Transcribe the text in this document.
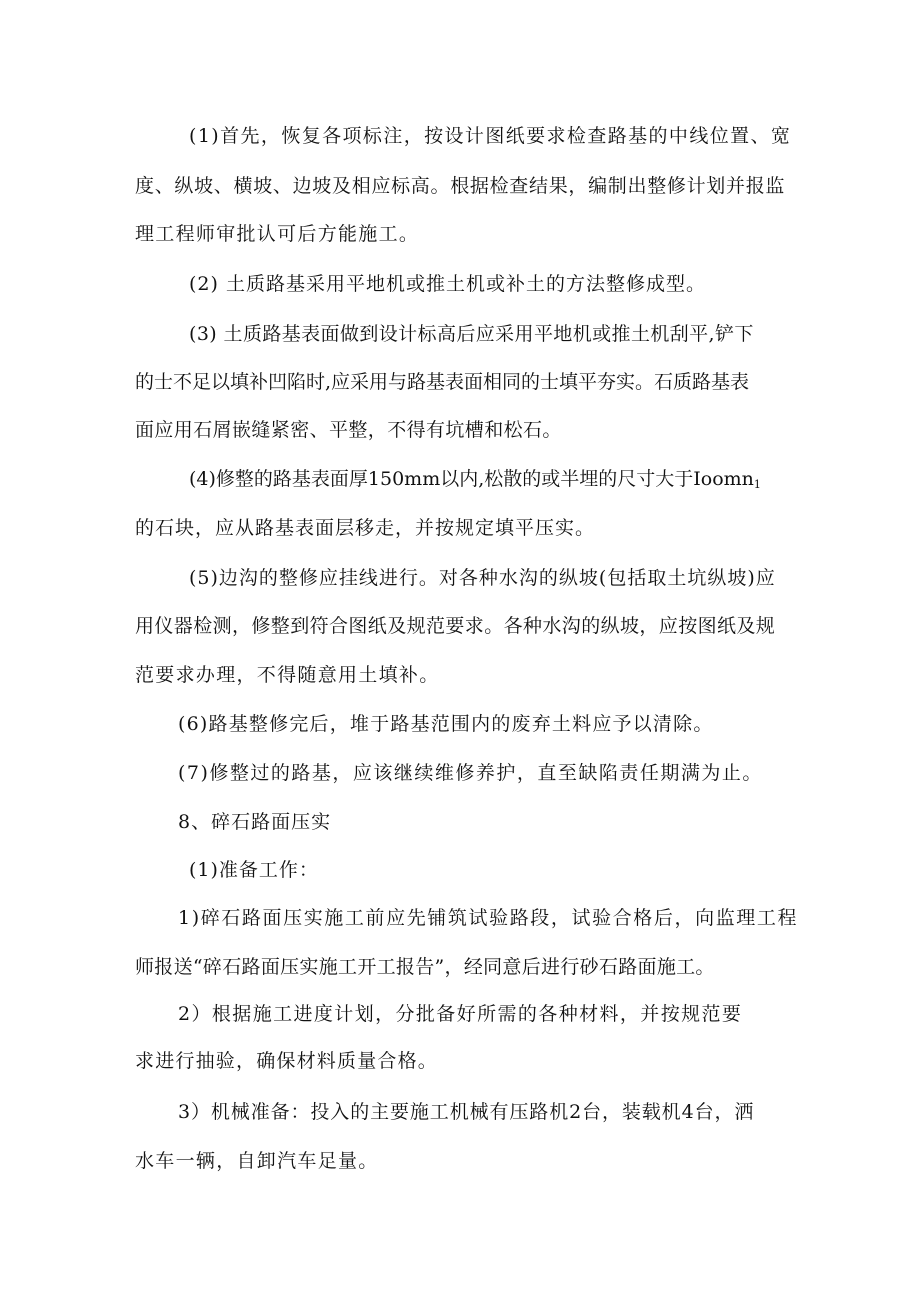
(1)首先，恢复各项标注，按设计图纸要求检查路基的中线位置、宽
度、纵坡、横坡、边坡及相应标高。根据检查结果，编制出整修计划并报监
理工程师审批认可后方能施工。
(2) 土质路基采用平地机或推土机或补土的方法整修成型。
(3) 土质路基表面做到设计标高后应采用平地机或推土机刮平,铲下
的士不足以填补凹陷时,应采用与路基表面相同的士填平夯实。石质路基表
面应用石屑嵌缝紧密、平整，不得有坑槽和松石。
(4)修整的路基表面厚150mm以内,松散的或半埋的尺寸大于Ioomn$_1$
的石块，应从路基表面层移走，并按规定填平压实。
(5)边沟的整修应挂线进行。对各种水沟的纵坡(包括取土坑纵坡)应
用仪器检测，修整到符合图纸及规范要求。各种水沟的纵坡，应按图纸及规
范要求办理，不得随意用土填补。
(6)路基整修完后，堆于路基范围内的废弃土料应予以清除。
(7)修整过的路基，应该继续维修养护，直至缺陷责任期满为止。
8、碎石路面压实
(1)准备工作：
1)碎石路面压实施工前应先铺筑试验路段，试验合格后，向监理工程
师报送“碎石路面压实施工开工报告”，经同意后进行砂石路面施工。
2）根据施工进度计划，分批备好所需的各种材料，并按规范要
求进行抽验，确保材料质量合格。
3）机械准备：投入的主要施工机械有压路机2台，装载机4台，洒
水车一辆，自卸汽车足量。
